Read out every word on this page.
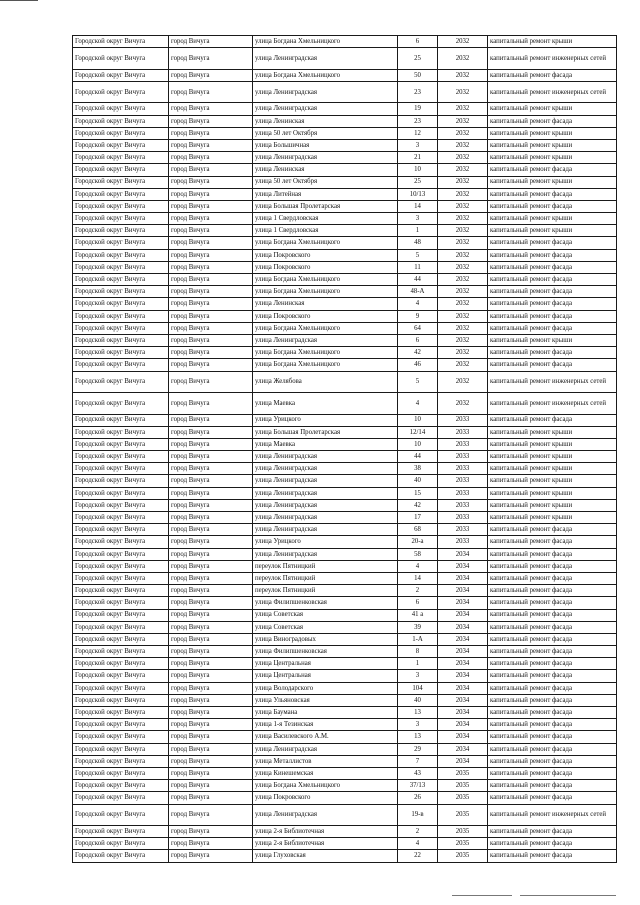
Городской округ Вичуга	город Вичуга	улица Богдана Хмельницкого	6	2032	капитальный ремонт крыши
Городской округ Вичуга	город Вичуга	улица Ленинградская	25	2032	капитальный ремонт инженерных сетей
Городской округ Вичуга	город Вичуга	улица Богдана Хмельницкого	50	2032	капитальный ремонт фасада
Городской округ Вичуга	город Вичуга	улица Ленинградская	23	2032	капитальный ремонт инженерных сетей
Городской округ Вичуга	город Вичуга	улица Ленинградская	19	2032	капитальный ремонт крыши
Городской округ Вичуга	город Вичуга	улица Ленинская	23	2032	капитальный ремонт фасада
Городской округ Вичуга	город Вичуга	улица 50 лет Октября	12	2032	капитальный ремонт крыши
Городской округ Вичуга	город Вичуга	улица Большичная	3	2032	капитальный ремонт крыши
Городской округ Вичуга	город Вичуга	улица Ленинградская	21	2032	капитальный ремонт крыши
Городской округ Вичуга	город Вичуга	улица Ленинская	10	2032	капитальный ремонт фасада
Городской округ Вичуга	город Вичуга	улица 50 лет Октября	25	2032	капитальный ремонт крыши
Городской округ Вичуга	город Вичуга	улица Литейная	10/13	2032	капитальный ремонт фасада
Городской округ Вичуга	город Вичуга	улица Большая Пролетарская	14	2032	капитальный ремонт фасада
Городской округ Вичуга	город Вичуга	улица 1 Свердловская	3	2032	капитальный ремонт крыши
Городской округ Вичуга	город Вичуга	улица 1 Свердловская	1	2032	капитальный ремонт крыши
Городской округ Вичуга	город Вичуга	улица Богдана Хмельницкого	48	2032	капитальный ремонт фасада
Городской округ Вичуга	город Вичуга	улица Покровского	5	2032	капитальный ремонт фасада
Городской округ Вичуга	город Вичуга	улица Покровского	11	2032	капитальный ремонт фасада
Городской округ Вичуга	город Вичуга	улица Богдана Хмельницкого	44	2032	капитальный ремонт фасада
Городской округ Вичуга	город Вичуга	улица Богдана Хмельницкого	48-А	2032	капитальный ремонт фасада
Городской округ Вичуга	город Вичуга	улица Ленинская	4	2032	капитальный ремонт фасада
Городской округ Вичуга	город Вичуга	улица Покровского	9	2032	капитальный ремонт фасада
Городской округ Вичуга	город Вичуга	улица Богдана Хмельницкого	64	2032	капитальный ремонт фасада
Городской округ Вичуга	город Вичуга	улица Ленинградская	6	2032	капитальный ремонт крыши
Городской округ Вичуга	город Вичуга	улица Богдана Хмельницкого	42	2032	капитальный ремонт фасада
Городской округ Вичуга	город Вичуга	улица Богдана Хмельницкого	46	2032	капитальный ремонт фасада
Городской округ Вичуга	город Вичуга	улица Желябова	5	2032	капитальный ремонт инженерных сетей
Городской округ Вичуга	город Вичуга	улица Маевка	4	2032	капитальный ремонт инженерных сетей
Городской округ Вичуга	город Вичуга	улица Урицкого	10	2033	капитальный ремонт фасада
Городской округ Вичуга	город Вичуга	улица Большая Пролетарская	12/14	2033	капитальный ремонт крыши
Городской округ Вичуга	город Вичуга	улица Маевка	10	2033	капитальный ремонт крыши
Городской округ Вичуга	город Вичуга	улица Ленинградская	44	2033	капитальный ремонт крыши
Городской округ Вичуга	город Вичуга	улица Ленинградская	38	2033	капитальный ремонт крыши
Городской округ Вичуга	город Вичуга	улица Ленинградская	40	2033	капитальный ремонт крыши
Городской округ Вичуга	город Вичуга	улица Ленинградская	15	2033	капитальный ремонт крыши
Городской округ Вичуга	город Вичуга	улица Ленинградская	42	2033	капитальный ремонт крыши
Городской округ Вичуга	город Вичуга	улица Ленинградская	17	2033	капитальный ремонт крыши
Городской округ Вичуга	город Вичуга	улица Ленинградская	68	2033	капитальный ремонт фасада
Городской округ Вичуга	город Вичуга	улица Урицкого	20-а	2033	капитальный ремонт фасада
Городской округ Вичуга	город Вичуга	улица Ленинградская	58	2034	капитальный ремонт фасада
Городской округ Вичуга	город Вичуга	переулок Пятницкий	4	2034	капитальный ремонт фасада
Городской округ Вичуга	город Вичуга	переулок Пятницкий	14	2034	капитальный ремонт фасада
Городской округ Вичуга	город Вичуга	переулок Пятницкий	2	2034	капитальный ремонт фасада
Городской округ Вичуга	город Вичуга	улица Филипшенковская	6	2034	капитальный ремонт фасада
Городской округ Вичуга	город Вичуга	улица Советская	41 а	2034	капитальный ремонт фасада
Городской округ Вичуга	город Вичуга	улица Советская	39	2034	капитальный ремонт фасада
Городской округ Вичуга	город Вичуга	улица Виноградовых	1-А	2034	капитальный ремонт фасада
Городской округ Вичуга	город Вичуга	улица Филипшенковская	8	2034	капитальный ремонт фасада
Городской округ Вичуга	город Вичуга	улица Центральная	1	2034	капитальный ремонт фасада
Городской округ Вичуга	город Вичуга	улица Центральная	3	2034	капитальный ремонт фасада
Городской округ Вичуга	город Вичуга	улица Володарского	104	2034	капитальный ремонт фасада
Городской округ Вичуга	город Вичуга	улица Ульяновская	40	2034	капитальный ремонт фасада
Городской округ Вичуга	город Вичуга	улица Баумана	13	2034	капитальный ремонт фасада
Городской округ Вичуга	город Вичуга	улица 1-я Тезинская	3	2034	капитальный ремонт фасада
Городской округ Вичуга	город Вичуга	улица Василевского А.М.	13	2034	капитальный ремонт фасада
Городской округ Вичуга	город Вичуга	улица Ленинградская	29	2034	капитальный ремонт фасада
Городской округ Вичуга	город Вичуга	улица Металлистов	7	2034	капитальный ремонт фасада
Городской округ Вичуга	город Вичуга	улица Кинешемская	43	2035	капитальный ремонт фасада
Городской округ Вичуга	город Вичуга	улица Богдана Хмельницкого	37/13	2035	капитальный ремонт фасада
Городской округ Вичуга	город Вичуга	улица Покровского	26	2035	капитальный ремонт фасада
Городской округ Вичуга	город Вичуга	улица Ленинградская	19-в	2035	капитальный ремонт инженерных сетей
Городской округ Вичуга	город Вичуга	улица 2-я Библиотечная	2	2035	капитальный ремонт фасада
Городской округ Вичуга	город Вичуга	улица 2-я Библиотечная	4	2035	капитальный ремонт фасада
Городской округ Вичуга	город Вичуга	улица Глуховская	22	2035	капитальный ремонт фасада
